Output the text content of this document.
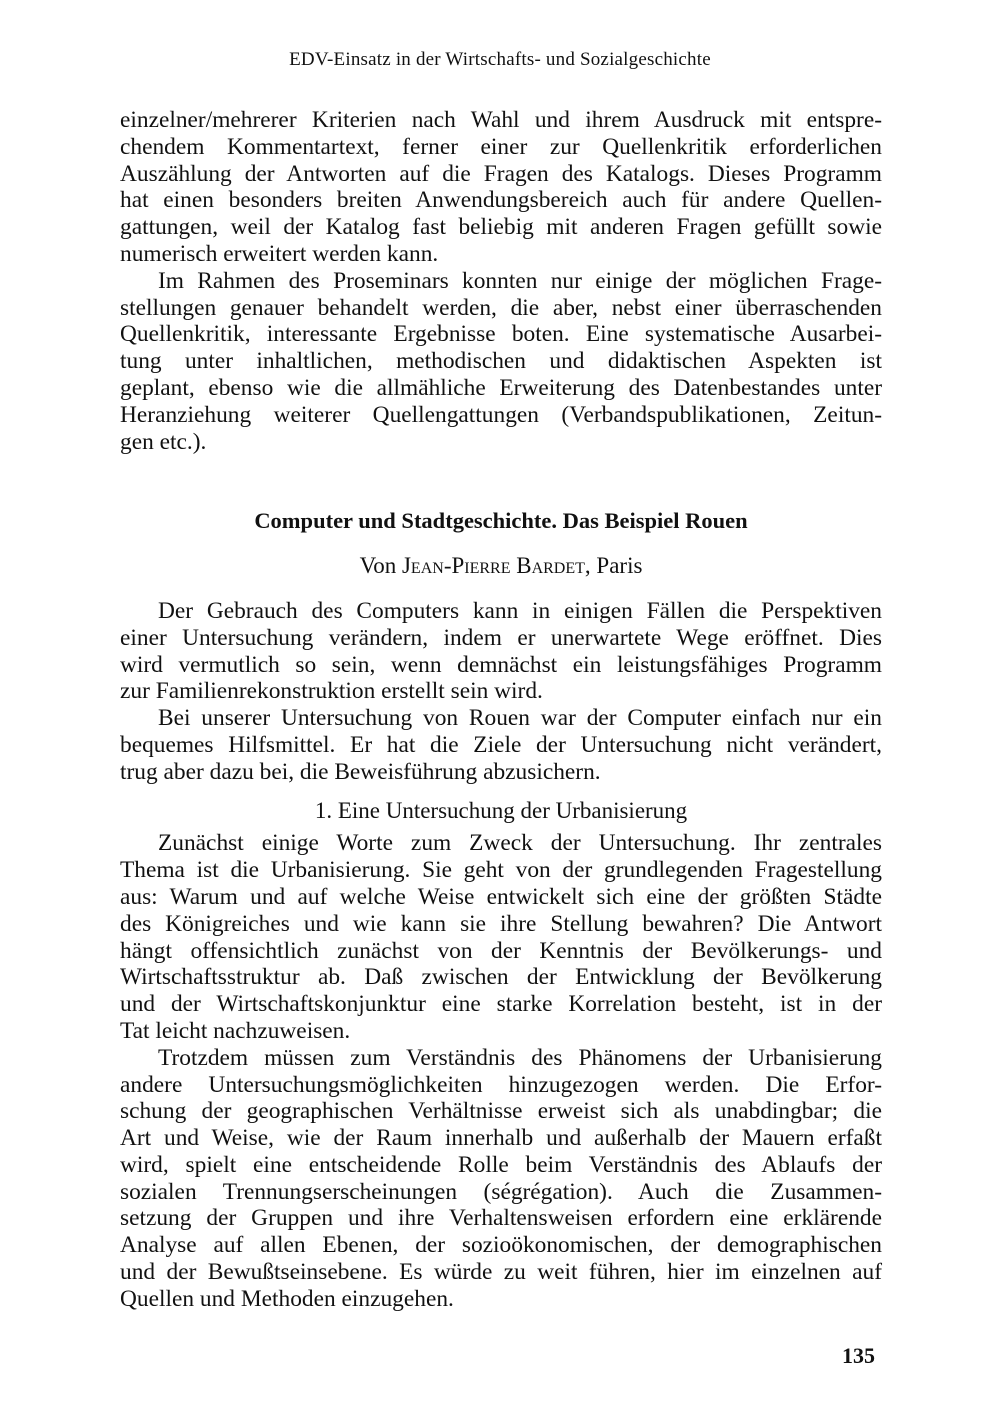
EDV-Einsatz in der Wirtschafts- und Sozialgeschichte
einzelner/mehrerer Kriterien nach Wahl und ihrem Ausdruck mit entspre-
chendem Kommentartext, ferner einer zur Quellenkritik erforderlichen
Auszählung der Antworten auf die Fragen des Katalogs. Dieses Programm
hat einen besonders breiten Anwendungsbereich auch für andere Quellen-
gattungen, weil der Katalog fast beliebig mit anderen Fragen gefüllt sowie
numerisch erweitert werden kann.
Im Rahmen des Proseminars konnten nur einige der möglichen Frage-
stellungen genauer behandelt werden, die aber, nebst einer überraschenden
Quellenkritik, interessante Ergebnisse boten. Eine systematische Ausarbei-
tung unter inhaltlichen, methodischen und didaktischen Aspekten ist
geplant, ebenso wie die allmähliche Erweiterung des Datenbestandes unter
Heranziehung weiterer Quellengattungen (Verbandspublikationen, Zeitun-
gen etc.).
Computer und Stadtgeschichte. Das Beispiel Rouen
Von Jean-Pierre Bardet, Paris
Der Gebrauch des Computers kann in einigen Fällen die Perspektiven
einer Untersuchung verändern, indem er unerwartete Wege eröffnet. Dies
wird vermutlich so sein, wenn demnächst ein leistungsfähiges Programm
zur Familienrekonstruktion erstellt sein wird.
Bei unserer Untersuchung von Rouen war der Computer einfach nur ein
bequemes Hilfsmittel. Er hat die Ziele der Untersuchung nicht verändert,
trug aber dazu bei, die Beweisführung abzusichern.
1. Eine Untersuchung der Urbanisierung
Zunächst einige Worte zum Zweck der Untersuchung. Ihr zentrales
Thema ist die Urbanisierung. Sie geht von der grundlegenden Fragestellung
aus: Warum und auf welche Weise entwickelt sich eine der größten Städte
des Königreiches und wie kann sie ihre Stellung bewahren? Die Antwort
hängt offensichtlich zunächst von der Kenntnis der Bevölkerungs- und
Wirtschaftsstruktur ab. Daß zwischen der Entwicklung der Bevölkerung
und der Wirtschaftskonjunktur eine starke Korrelation besteht, ist in der
Tat leicht nachzuweisen.
Trotzdem müssen zum Verständnis des Phänomens der Urbanisierung
andere Untersuchungsmöglichkeiten hinzugezogen werden. Die Erfor-
schung der geographischen Verhältnisse erweist sich als unabdingbar; die
Art und Weise, wie der Raum innerhalb und außerhalb der Mauern erfaßt
wird, spielt eine entscheidende Rolle beim Verständnis des Ablaufs der
sozialen Trennungserscheinungen (ségrégation). Auch die Zusammen-
setzung der Gruppen und ihre Verhaltensweisen erfordern eine erklärende
Analyse auf allen Ebenen, der sozioökonomischen, der demographischen
und der Bewußtseinsebene. Es würde zu weit führen, hier im einzelnen auf
Quellen und Methoden einzugehen.
135
